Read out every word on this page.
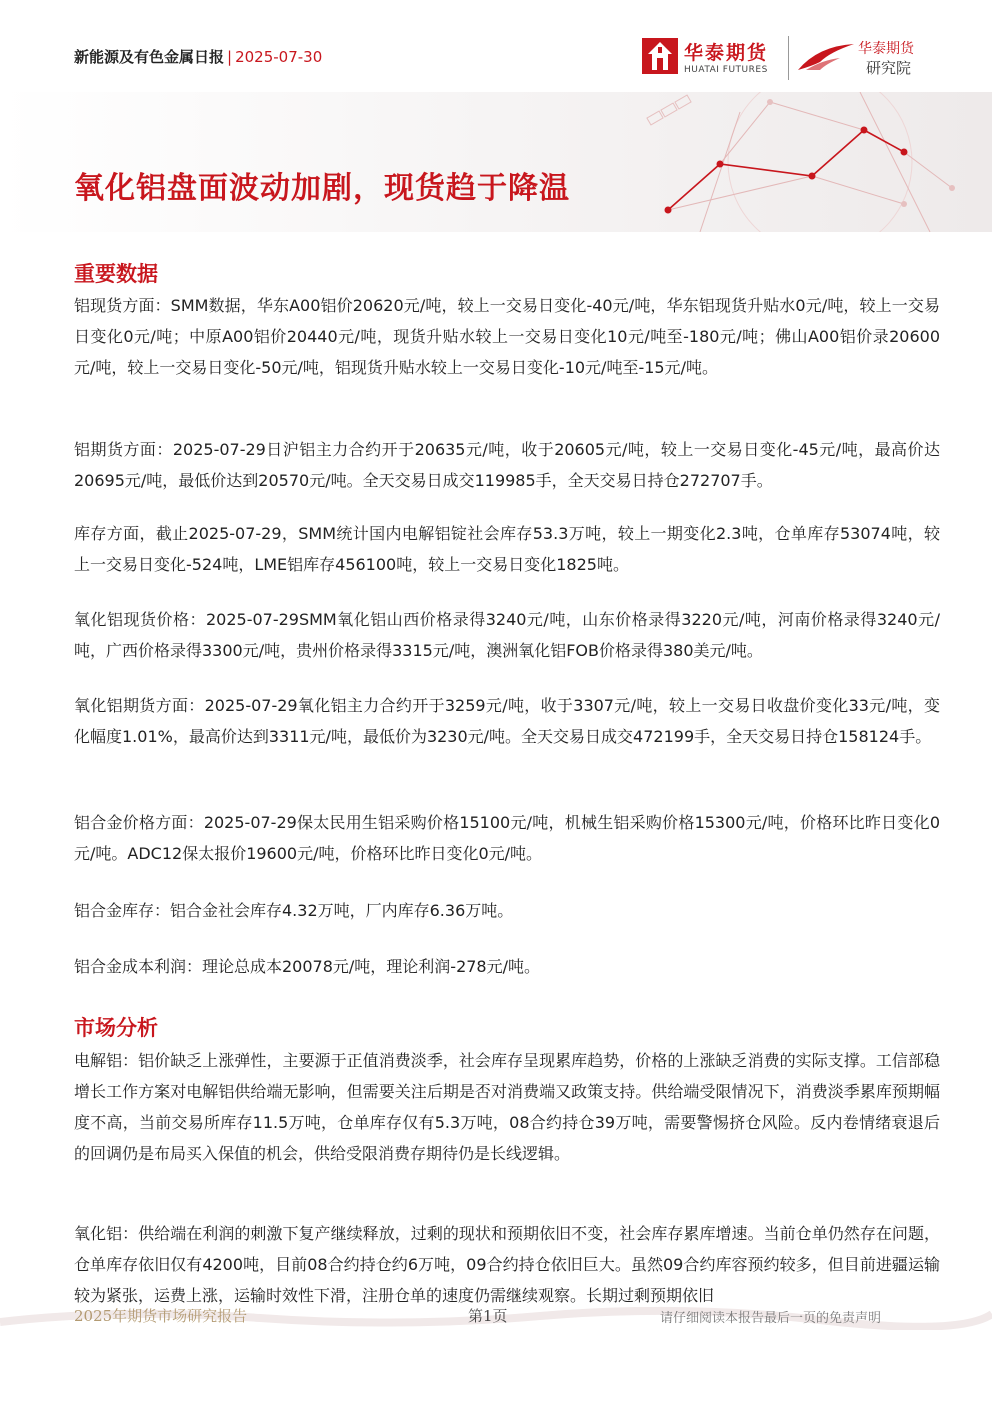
新能源及有色金属日报 | 2025-07-30	华泰期货
HUATAI FUTURES
华泰期货
研究院
氧化铝盘面波动加剧，现货趋于降温
重要数据
铝现货方面：SMM数据，华东A00铝价20620元/吨，较上一交易日变化-40元/吨，华东铝现货升贴水0元/吨，较上一交易日变化0元/吨；中原A00铝价20440元/吨，现货升贴水较上一交易日变化10元/吨至-180元/吨；佛山A00铝价录20600元/吨，较上一交易日变化-50元/吨，铝现货升贴水较上一交易日变化-10元/吨至-15元/吨。
铝期货方面：2025-07-29日沪铝主力合约开于20635元/吨，收于20605元/吨，较上一交易日变化-45元/吨，最高价达20695元/吨，最低价达到20570元/吨。全天交易日成交119985手，全天交易日持仓272707手。
库存方面，截止2025-07-29，SMM统计国内电解铝锭社会库存53.3万吨，较上一期变化2.3吨，仓单库存53074吨，较上一交易日变化-524吨，LME铝库存456100吨，较上一交易日变化1825吨。
氧化铝现货价格：2025-07-29SMM氧化铝山西价格录得3240元/吨，山东价格录得3220元/吨，河南价格录得3240元/吨，广西价格录得3300元/吨，贵州价格录得3315元/吨，澳洲氧化铝FOB价格录得380美元/吨。
氧化铝期货方面：2025-07-29氧化铝主力合约开于3259元/吨，收于3307元/吨，较上一交易日收盘价变化33元/吨，变化幅度1.01%，最高价达到3311元/吨，最低价为3230元/吨。全天交易日成交472199手，全天交易日持仓158124手。
铝合金价格方面：2025-07-29保太民用生铝采购价格15100元/吨，机械生铝采购价格15300元/吨，价格环比昨日变化0元/吨。ADC12保太报价19600元/吨，价格环比昨日变化0元/吨。
铝合金库存：铝合金社会库存4.32万吨，厂内库存6.36万吨。
铝合金成本利润：理论总成本20078元/吨，理论利润-278元/吨。
市场分析
电解铝：铝价缺乏上涨弹性，主要源于正值消费淡季，社会库存呈现累库趋势，价格的上涨缺乏消费的实际支撑。工信部稳增长工作方案对电解铝供给端无影响，但需要关注后期是否对消费端又政策支持。供给端受限情况下，消费淡季累库预期幅度不高，当前交易所库存11.5万吨，仓单库存仅有5.3万吨，08合约持仓39万吨，需要警惕挤仓风险。反内卷情绪衰退后的回调仍是布局买入保值的机会，供给受限消费存期待仍是长线逻辑。
氧化铝：供给端在利润的刺激下复产继续释放，过剩的现状和预期依旧不变，社会库存累库增速。当前仓单仍然存在问题，仓单库存依旧仅有4200吨，目前08合约持仓约6万吨，09合约持仓依旧巨大。虽然09合约库容预约较多，但目前进疆运输较为紧张，运费上涨，运输时效性下滑，注册仓单的速度仍需继续观察。长期过剩预期依旧
2025年期货市场研究报告	第1页	请仔细阅读本报告最后一页的免责声明
